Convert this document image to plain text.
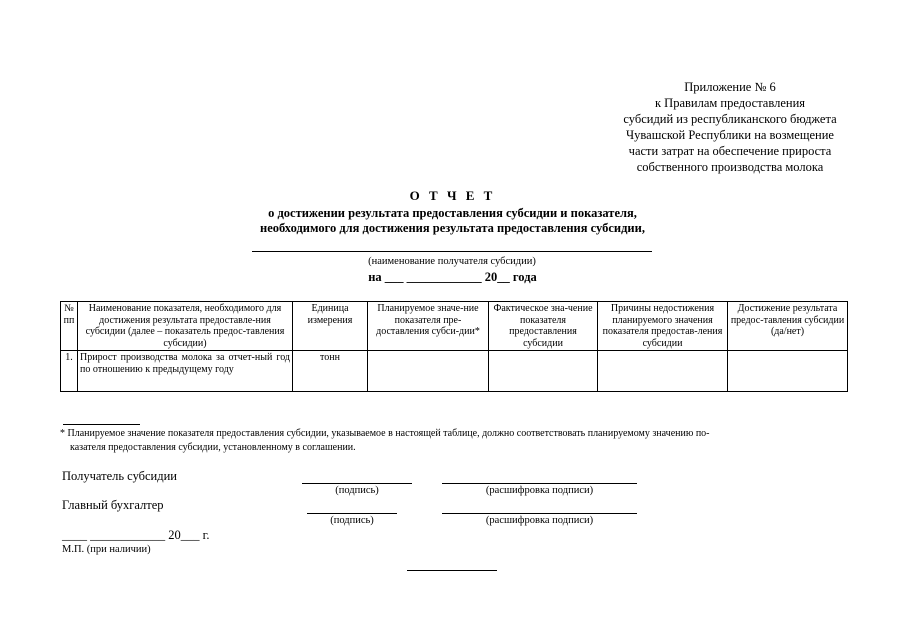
Приложение № 6
к Правилам предоставления
субсидий из республиканского бюджета
Чувашской Республики на возмещение
части затрат на обеспечение прироста
собственного производства молока
О Т Ч Е Т
о достижении результата предоставления субсидии и показателя,
необходимого для достижения результата предоставления субсидии,
(наименование получателя субсидии)
на ___ ____________ 20__ года
№ пп	Наименование показателя, необходимого для достижения результата предоставле-ния субсидии (далее – показатель предос-тавления субсидии)	Единица измерения	Планируемое значе-ние показателя пре-доставления субси-дии*	Фактическое зна-чение показателя предоставления субсидии	Причины недостижения планируемого значения показателя предостав-ления субсидии	Достижение результата предос-тавления субсидии (да/нет)
1.	Прирост производства молока за отчет-ный год по отношению к предыдущему году	тонн				
* Планируемое значение показателя предоставления субсидии, указываемое в настоящей таблице, должно соответствовать планируемому значению по-
казателя предоставления субсидии, установленному в соглашении.
Получатель субсидии
(подпись)	(расшифровка подписи)
Главный бухгалтер
(подпись)	(расшифровка подписи)
____ ____________ 20___ г.
М.П. (при наличии)
